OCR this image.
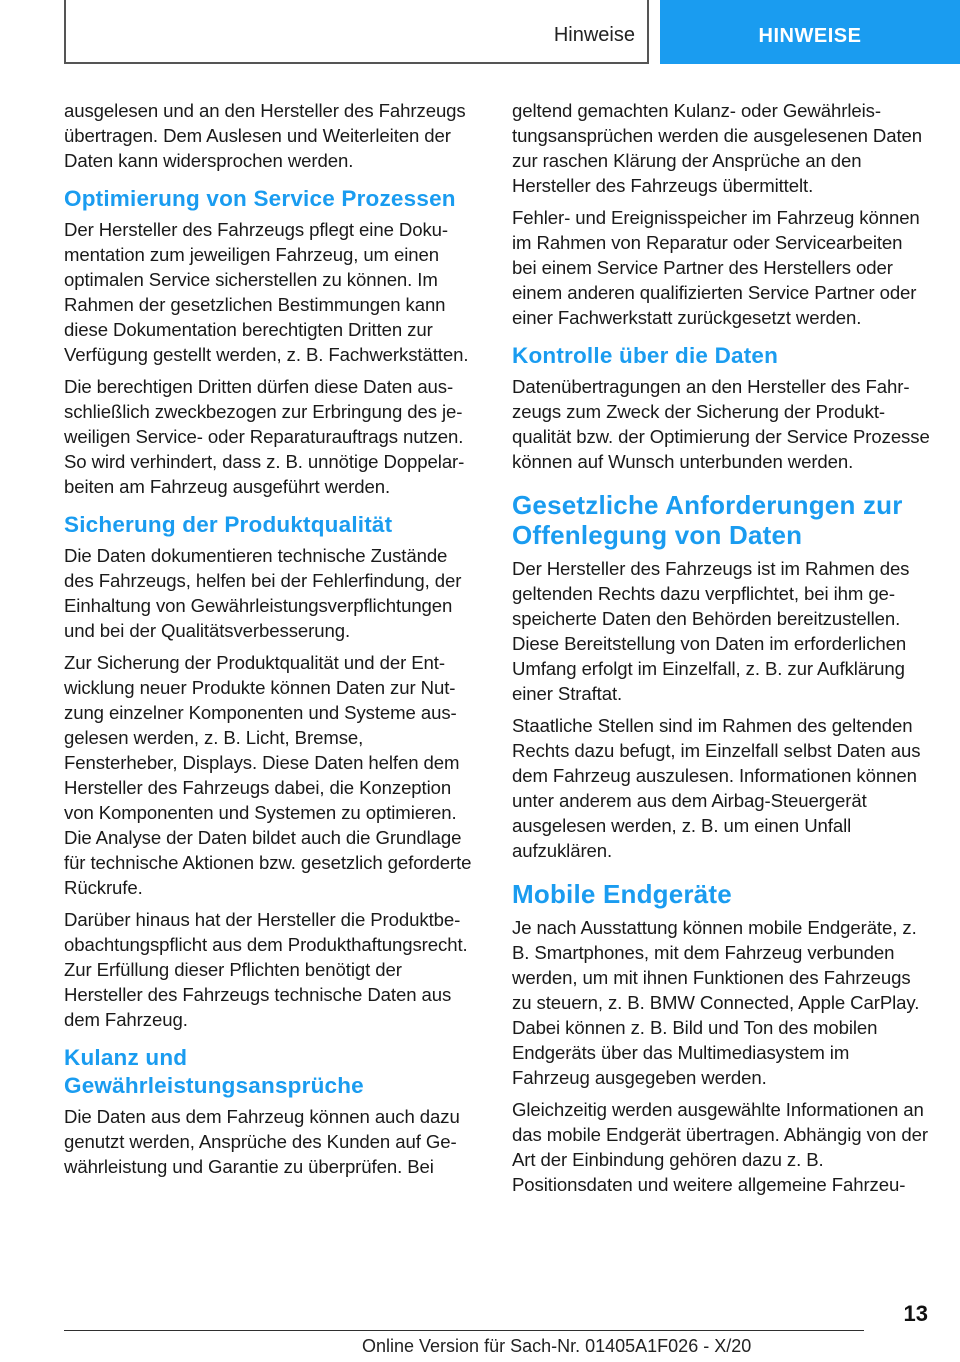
Hinweise	HINWEISE

ausgelesen und an den Hersteller des Fahrzeugs übertragen. Dem Auslesen und Weiterleiten der Daten kann widersprochen werden.

Optimierung von Service Prozessen

Der Hersteller des Fahrzeugs pflegt eine Dokumentation zum jeweiligen Fahrzeug, um einen optimalen Service sicherstellen zu können. Im Rahmen der gesetzlichen Bestimmungen kann diese Dokumentation berechtigten Dritten zur Verfügung gestellt werden, z. B. Fachwerkstätten.

Die berechtigen Dritten dürfen diese Daten ausschließlich zweckbezogen zur Erbringung des jeweiligen Service- oder Reparaturauftrags nutzen. So wird verhindert, dass z. B. unnötige Doppelarbeiten am Fahrzeug ausgeführt werden.

Sicherung der Produktqualität

Die Daten dokumentieren technische Zustände des Fahrzeugs, helfen bei der Fehlerfindung, der Einhaltung von Gewährleistungsverpflichtungen und bei der Qualitätsverbesserung.

Zur Sicherung der Produktqualität und der Entwicklung neuer Produkte können Daten zur Nutzung einzelner Komponenten und Systeme ausgelesen werden, z. B. Licht, Bremse, Fensterheber, Displays. Diese Daten helfen dem Hersteller des Fahrzeugs dabei, die Konzeption von Komponenten und Systemen zu optimieren. Die Analyse der Daten bildet auch die Grundlage für technische Aktionen bzw. gesetzlich geforderte Rückrufe.

Darüber hinaus hat der Hersteller die Produktbeobachtungspflicht aus dem Produkthaftungsrecht. Zur Erfüllung dieser Pflichten benötigt der Hersteller des Fahrzeugs technische Daten aus dem Fahrzeug.

Kulanz und Gewährleistungsansprüche

Die Daten aus dem Fahrzeug können auch dazu genutzt werden, Ansprüche des Kunden auf Gewährleistung und Garantie zu überprüfen. Bei

geltend gemachten Kulanz- oder Gewährleistungsansprüchen werden die ausgelesenen Daten zur raschen Klärung der Ansprüche an den Hersteller des Fahrzeugs übermittelt.

Fehler- und Ereignisspeicher im Fahrzeug können im Rahmen von Reparatur oder Servicearbeiten bei einem Service Partner des Herstellers oder einem anderen qualifizierten Service Partner oder einer Fachwerkstatt zurückgesetzt werden.

Kontrolle über die Daten

Datenübertragungen an den Hersteller des Fahrzeugs zum Zweck der Sicherung der Produktqualität bzw. der Optimierung der Service Prozesse können auf Wunsch unterbunden werden.

Gesetzliche Anforderungen zur Offenlegung von Daten

Der Hersteller des Fahrzeugs ist im Rahmen des geltenden Rechts dazu verpflichtet, bei ihm gespeicherte Daten den Behörden bereitzustellen. Diese Bereitstellung von Daten im erforderlichen Umfang erfolgt im Einzelfall, z. B. zur Aufklärung einer Straftat.

Staatliche Stellen sind im Rahmen des geltenden Rechts dazu befugt, im Einzelfall selbst Daten aus dem Fahrzeug auszulesen. Informationen können unter anderem aus dem Airbag-Steuergerät ausgelesen werden, z. B. um einen Unfall aufzuklären.

Mobile Endgeräte

Je nach Ausstattung können mobile Endgeräte, z. B. Smartphones, mit dem Fahrzeug verbunden werden, um mit ihnen Funktionen des Fahrzeugs zu steuern, z. B. BMW Connected, Apple CarPlay. Dabei können z. B. Bild und Ton des mobilen Endgeräts über das Multimediasystem im Fahrzeug ausgegeben werden.

Gleichzeitig werden ausgewählte Informationen an das mobile Endgerät übertragen. Abhängig von der Art der Einbindung gehören dazu z. B. Positionsdaten und weitere allgemeine Fahrzeu-

13
Online Version für Sach-Nr. 01405A1F026 - X/20
